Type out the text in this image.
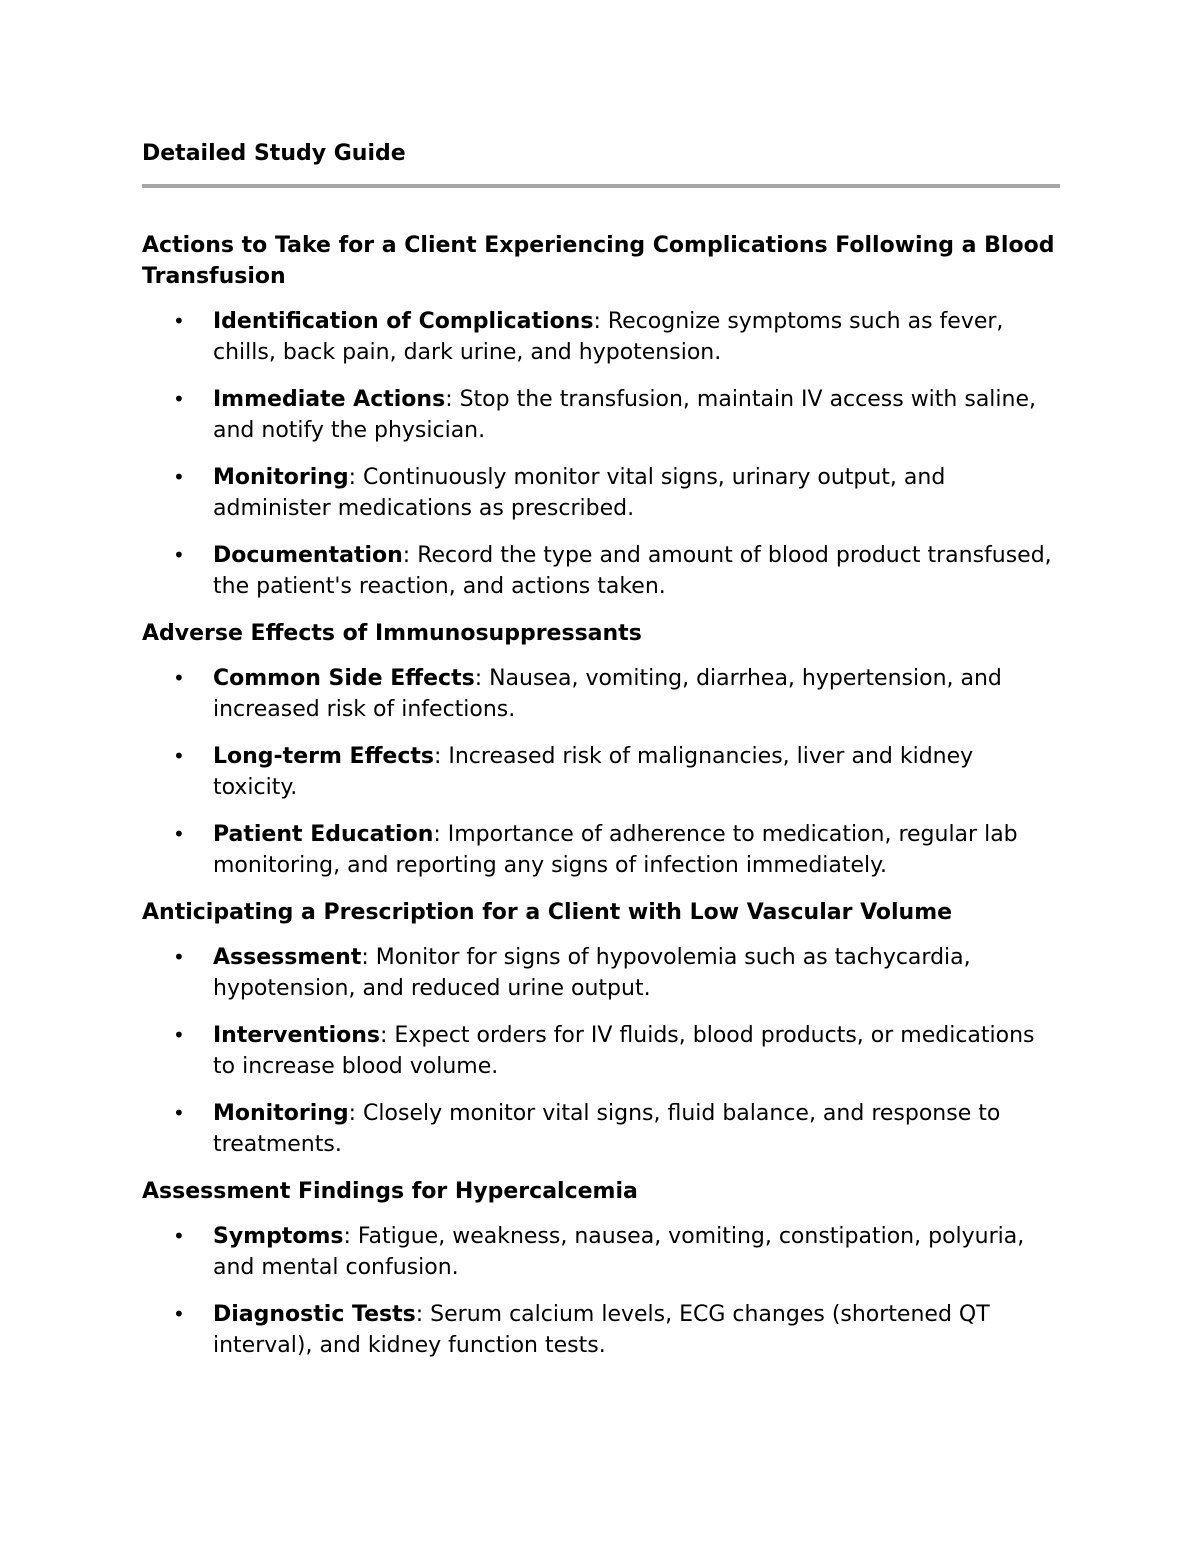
Detailed Study Guide
Actions to Take for a Client Experiencing Complications Following a Blood Transfusion
• Identification of Complications: Recognize symptoms such as fever, chills, back pain, dark urine, and hypotension.
• Immediate Actions: Stop the transfusion, maintain IV access with saline, and notify the physician.
• Monitoring: Continuously monitor vital signs, urinary output, and administer medications as prescribed.
• Documentation: Record the type and amount of blood product transfused, the patient's reaction, and actions taken.
Adverse Effects of Immunosuppressants
• Common Side Effects: Nausea, vomiting, diarrhea, hypertension, and increased risk of infections.
• Long-term Effects: Increased risk of malignancies, liver and kidney toxicity.
• Patient Education: Importance of adherence to medication, regular lab monitoring, and reporting any signs of infection immediately.
Anticipating a Prescription for a Client with Low Vascular Volume
• Assessment: Monitor for signs of hypovolemia such as tachycardia, hypotension, and reduced urine output.
• Interventions: Expect orders for IV fluids, blood products, or medications to increase blood volume.
• Monitoring: Closely monitor vital signs, fluid balance, and response to treatments.
Assessment Findings for Hypercalcemia
• Symptoms: Fatigue, weakness, nausea, vomiting, constipation, polyuria, and mental confusion.
• Diagnostic Tests: Serum calcium levels, ECG changes (shortened QT interval), and kidney function tests.
